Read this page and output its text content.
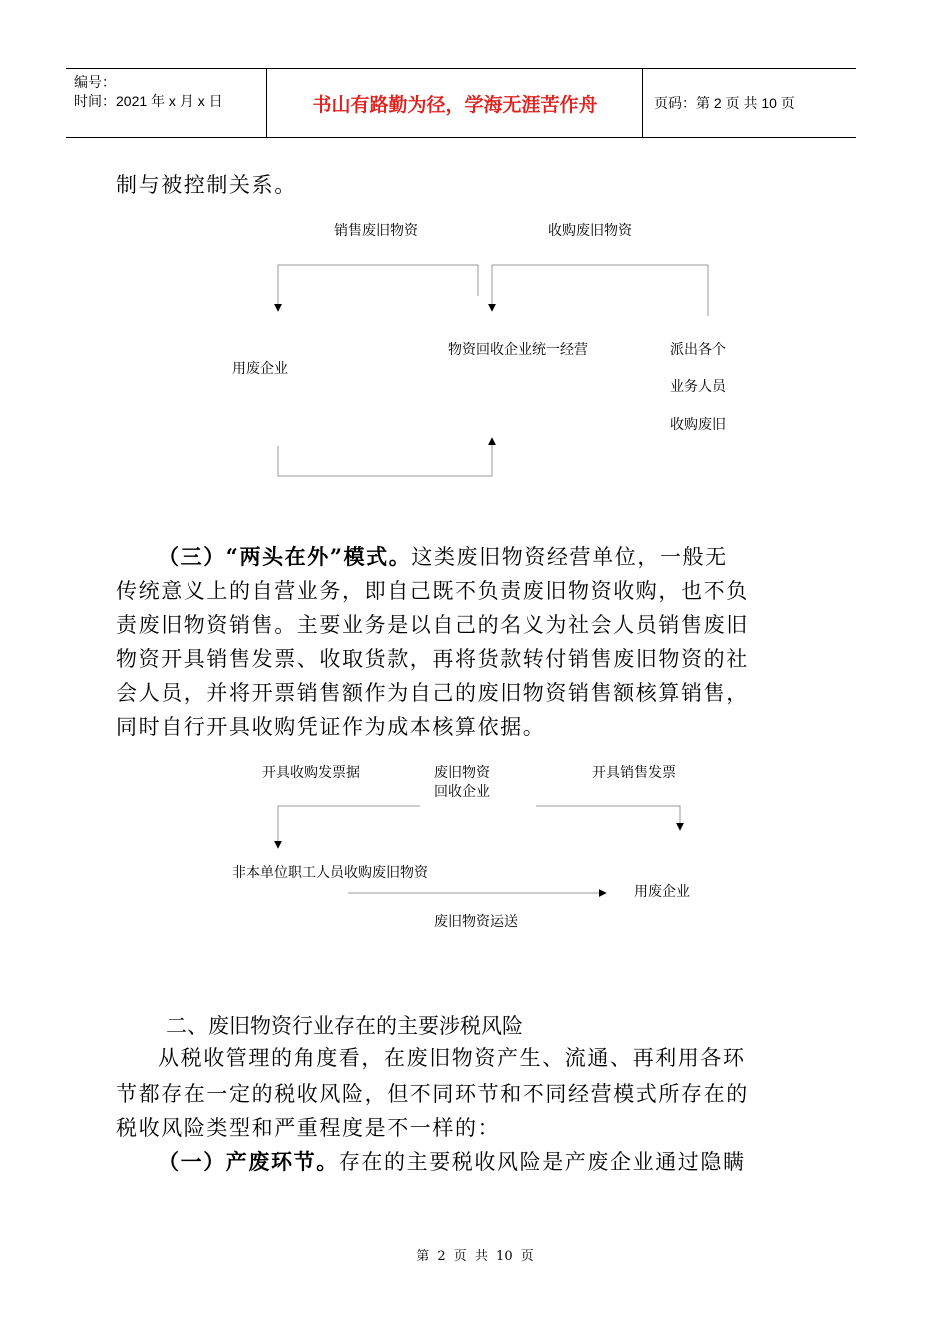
编号：
时间：2021 年 x 月 x 日	书山有路勤为径，学海无涯苦作舟	页码：第 2 页 共 10 页
制与被控制关系。
销售废旧物资	收购废旧物资
用废企业
物资回收企业统一经营	派出各个
业务人员
收购废旧
（三）“两头在外”模式。这类废旧物资经营单位，一般无
传统意义上的自营业务，即自己既不负责废旧物资收购，也不负
责废旧物资销售。主要业务是以自己的名义为社会人员销售废旧
物资开具销售发票、收取货款，再将货款转付销售废旧物资的社
会人员，并将开票销售额作为自己的废旧物资销售额核算销售，
同时自行开具收购凭证作为成本核算依据。
开具收购发票据	废旧物资
回收企业
开具销售发票
非本单位职工人员收购废旧物资
用废企业
废旧物资运送
二、废旧物资行业存在的主要涉税风险
从税收管理的角度看，在废旧物资产生、流通、再利用各环
节都存在一定的税收风险，但不同环节和不同经营模式所存在的
税收风险类型和严重程度是不一样的：
（一）产废环节。存在的主要税收风险是产废企业通过隐瞒
第 2 页 共 10 页
